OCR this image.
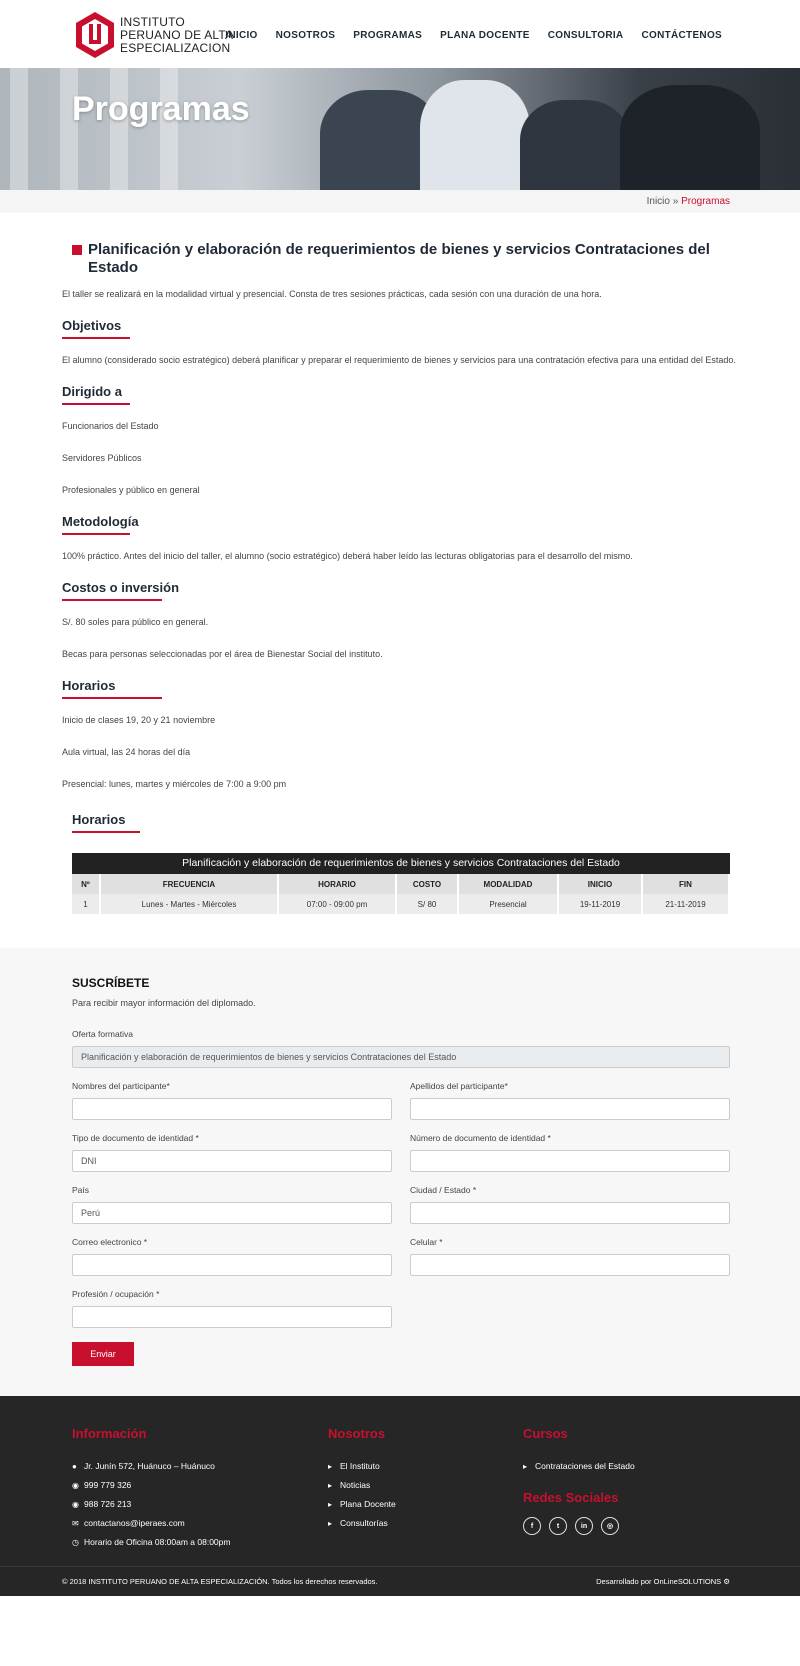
INSTITUTO
PERUANO DE ALTA
ESPECIALIZACION
INICIO NOSOTROS PROGRAMAS PLANA DOCENTE CONSULTORIA CONTÁCTENOS
Programas
Inicio » Programas
Planificación y elaboración de requerimientos de bienes y servicios Contrataciones del Estado

El taller se realizará en la modalidad virtual y presencial. Consta de tres sesiones prácticas, cada sesión con una duración de una hora.

Objetivos

El alumno (considerado socio estratégico) deberá planificar y preparar el requerimiento de bienes y servicios para una contratación efectiva para una entidad del Estado.

Dirigido a

Funcionarios del Estado

Servidores Públicos

Profesionales y público en general

Metodología

100% práctico. Antes del inicio del taller, el alumno (socio estratégico) deberá haber leído las lecturas obligatorias para el desarrollo del mismo.

Costos o inversión

S/. 80 soles para público en general.

Becas para personas seleccionadas por el área de Bienestar Social del instituto.

Horarios

Inicio de clases 19, 20 y 21 noviembre

Aula virtual, las 24 horas del día

Presencial: lunes, martes y miércoles de 7:00 a 9:00 pm

Horarios
Planificación y elaboración de requerimientos de bienes y servicios Contrataciones del Estado
Nº	FRECUENCIA	HORARIO	COSTO	MODALIDAD	INICIO	FIN
1	Lunes - Martes - Miércoles	07:00 - 09:00 pm	S/ 80	Presencial	19-11-2019	21-11-2019
SUSCRÍBETE

Para recibir mayor información del diplomado.

Oferta formativa
Planificación y elaboración de requerimientos de bienes y servicios Contrataciones del Estado
Nombres del participante*	Apellidos del participante*
Tipo de documento de identidad *
DNI	Número de documento de identidad *
País
Perú	Ciudad / Estado *
Correo electronico *	Celular *
Profesión / ocupación *
Enviar
Información
● Jr. Junín 572, Huánuco – Huánuco
◉ 999 779 326
◉ 988 726 213
✉ contactanos@iperaes.com
◷ Horario de Oficina 08:00am a 08:00pm
Nosotros
▸ El Instituto
▸ Noticias
▸ Plana Docente
▸ Consultorías
Cursos
▸ Contrataciones del Estado
Redes Sociales
f	t	in	◎
© 2018 INSTITUTO PERUANO DE ALTA ESPECIALIZACIÓN. Todos los derechos reservados.	Desarrollado por OnLineSOLUTIONS ⚙
